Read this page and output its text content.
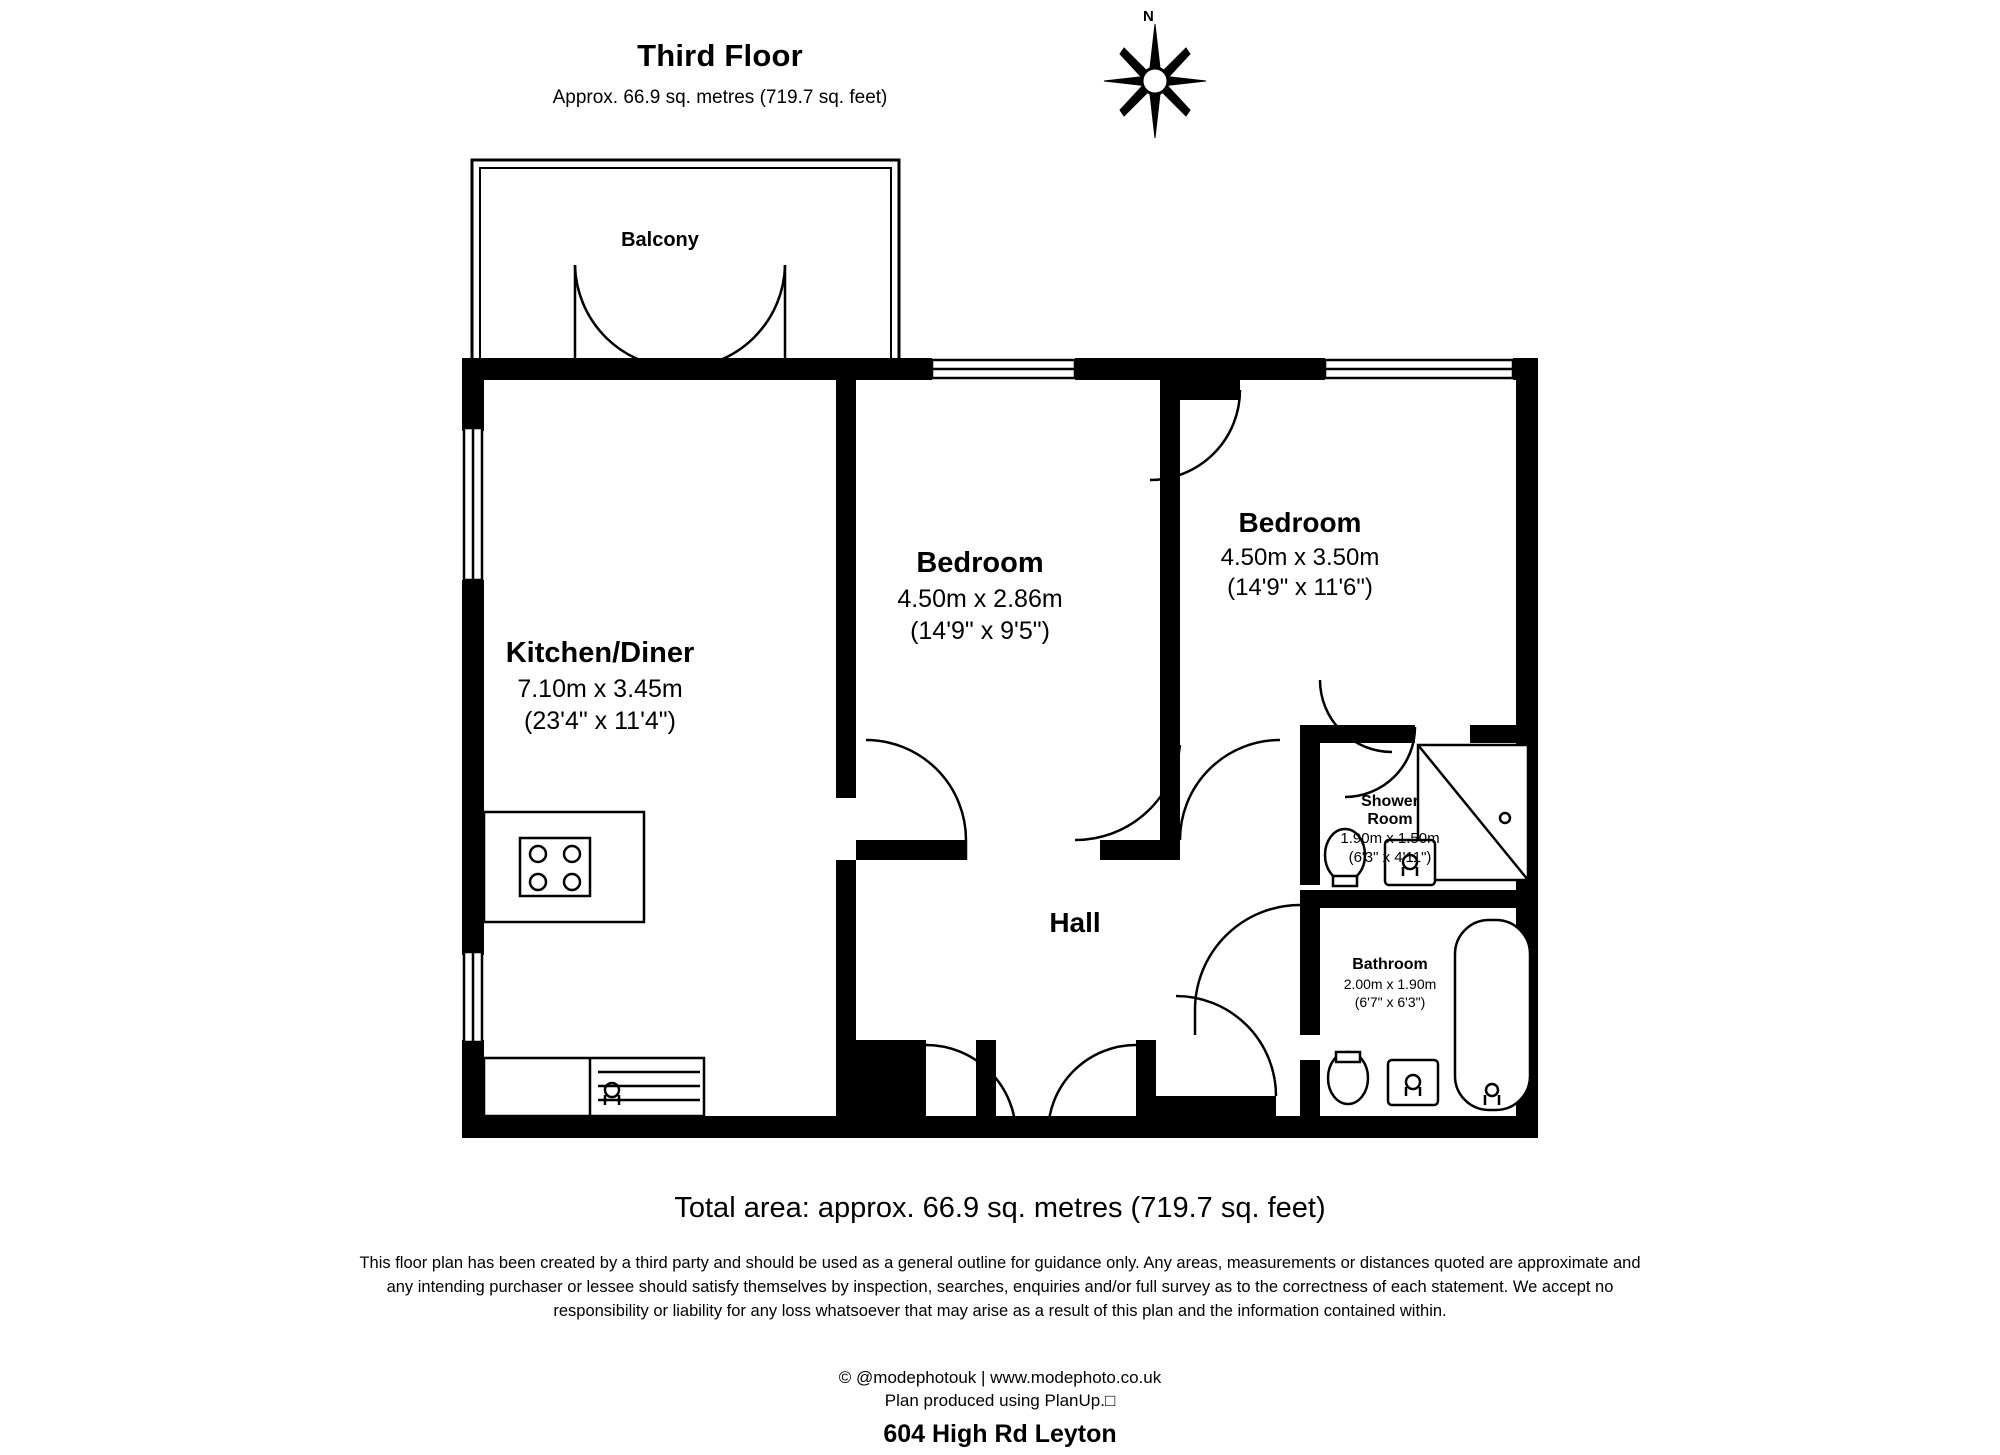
Third Floor
Approx. 66.9 sq. metres (719.7 sq. feet)
N
Balcony
Kitchen/Diner
7.10m x 3.45m
(23'4" x 11'4")
Bedroom
4.50m x 2.86m
(14'9" x 9'5")
Bedroom
4.50m x 3.50m
(14'9" x 11'6")
Hall
Shower
Room
1.90m x 1.50m
(6'3" x 4'11")
Bathroom
2.00m x 1.90m
(6'7" x 6'3")
Total area: approx. 66.9 sq. metres (719.7 sq. feet)
This floor plan has been created by a third party and should be used as a general outline for guidance only. Any areas, measurements or distances quoted are approximate and any intending purchaser or lessee should satisfy themselves by inspection, searches, enquiries and/or full survey as to the correctness of each statement. We accept no responsibility or liability for any loss whatsoever that may arise as a result of this plan and the information contained within.
© @modephotouk | www.modephoto.co.uk
Plan produced using PlanUp.□
604 High Rd Leyton
